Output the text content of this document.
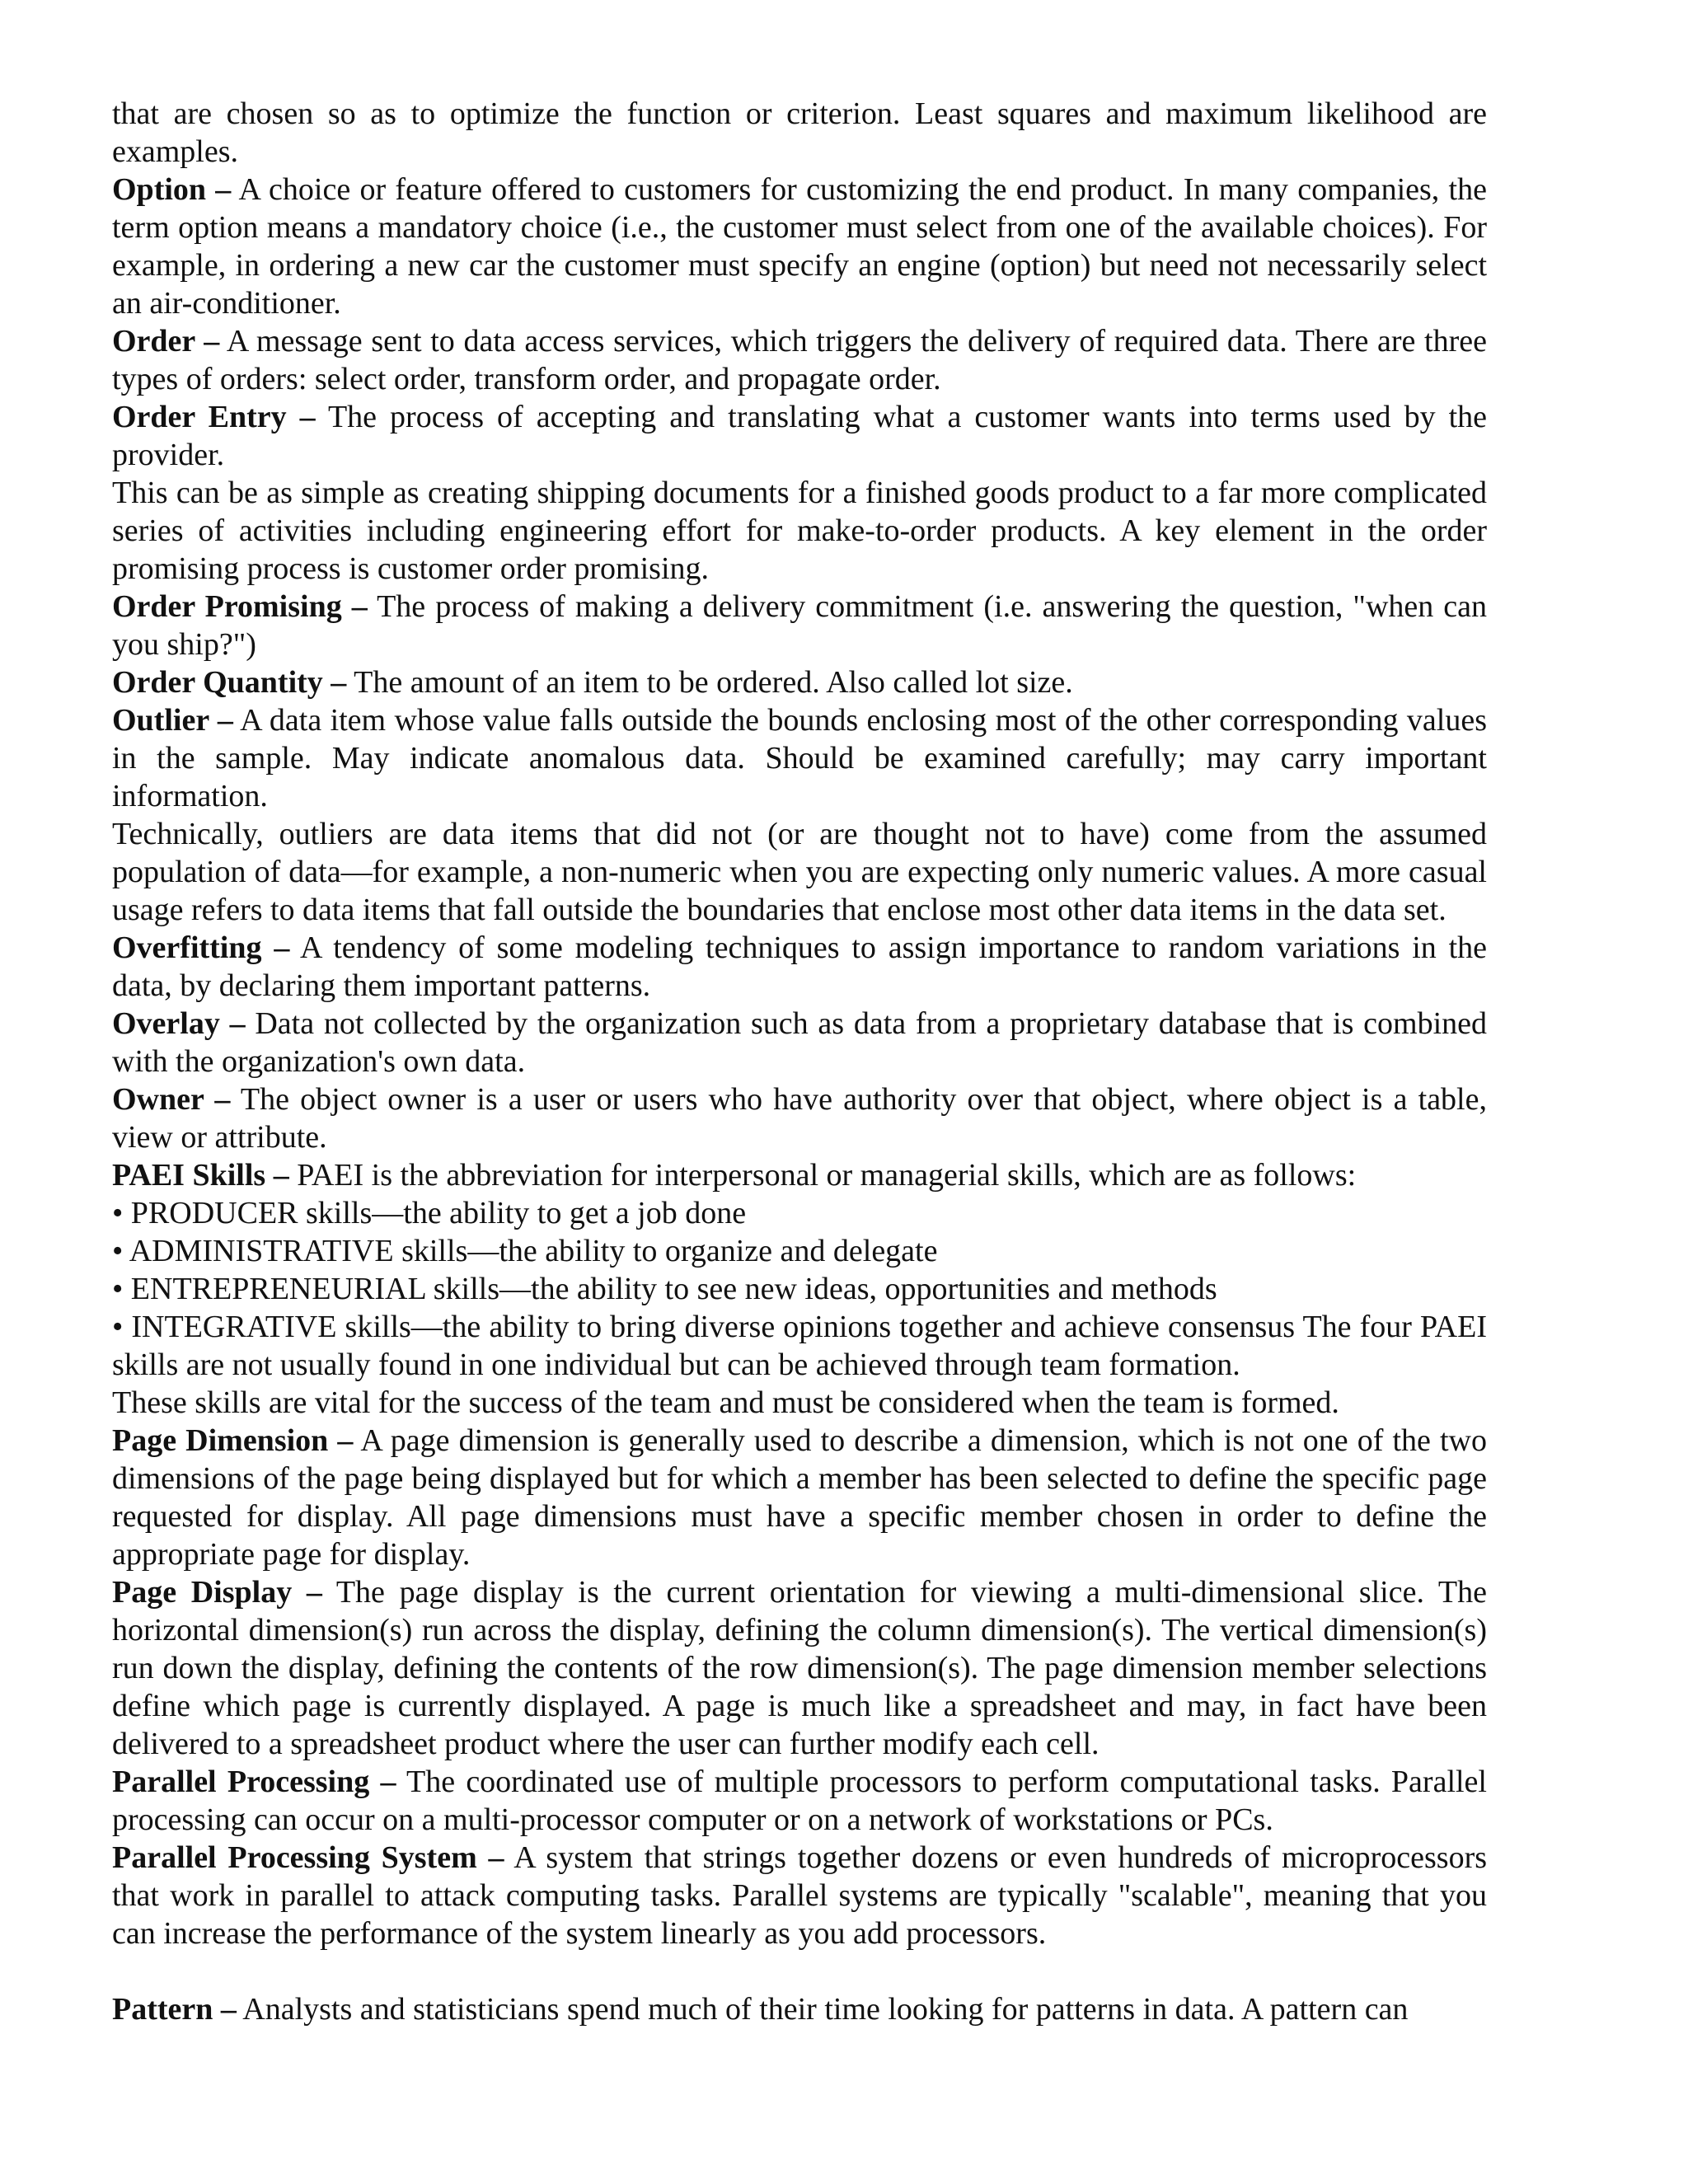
that are chosen so as to optimize the function or criterion. Least squares and maximum likelihood are examples.

Option – A choice or feature offered to customers for customizing the end product. In many companies, the term option means a mandatory choice (i.e., the customer must select from one of the available choices). For example, in ordering a new car the customer must specify an engine (option) but need not necessarily select an air-conditioner.

Order – A message sent to data access services, which triggers the delivery of required data. There are three types of orders: select order, transform order, and propagate order.

Order Entry – The process of accepting and translating what a customer wants into terms used by the provider.

This can be as simple as creating shipping documents for a finished goods product to a far more complicated series of activities including engineering effort for make-to-order products. A key element in the order promising process is customer order promising.

Order Promising – The process of making a delivery commitment (i.e. answering the question, "when can you ship?")

Order Quantity – The amount of an item to be ordered. Also called lot size.

Outlier – A data item whose value falls outside the bounds enclosing most of the other corresponding values in the sample. May indicate anomalous data. Should be examined carefully; may carry important information.

Technically, outliers are data items that did not (or are thought not to have) come from the assumed population of data—for example, a non-numeric when you are expecting only numeric values. A more casual usage refers to data items that fall outside the boundaries that enclose most other data items in the data set.

Overfitting – A tendency of some modeling techniques to assign importance to random variations in the data, by declaring them important patterns.

Overlay – Data not collected by the organization such as data from a proprietary database that is combined with the organization's own data.

Owner – The object owner is a user or users who have authority over that object, where object is a table, view or attribute.

PAEI Skills – PAEI is the abbreviation for interpersonal or managerial skills, which are as follows:

• PRODUCER skills—the ability to get a job done

• ADMINISTRATIVE skills—the ability to organize and delegate

• ENTREPRENEURIAL skills—the ability to see new ideas, opportunities and methods

• INTEGRATIVE skills—the ability to bring diverse opinions together and achieve consensus The four PAEI skills are not usually found in one individual but can be achieved through team formation.

These skills are vital for the success of the team and must be considered when the team is formed.

Page Dimension – A page dimension is generally used to describe a dimension, which is not one of the two dimensions of the page being displayed but for which a member has been selected to define the specific page requested for display. All page dimensions must have a specific member chosen in order to define the appropriate page for display.

Page Display – The page display is the current orientation for viewing a multi-dimensional slice. The horizontal dimension(s) run across the display, defining the column dimension(s). The vertical dimension(s) run down the display, defining the contents of the row dimension(s). The page dimension member selections define which page is currently displayed. A page is much like a spreadsheet and may, in fact have been delivered to a spreadsheet product where the user can further modify each cell.

Parallel Processing – The coordinated use of multiple processors to perform computational tasks. Parallel processing can occur on a multi-processor computer or on a network of workstations or PCs.

Parallel Processing System – A system that strings together dozens or even hundreds of microprocessors that work in parallel to attack computing tasks. Parallel systems are typically "scalable", meaning that you can increase the performance of the system linearly as you add processors.

Pattern – Analysts and statisticians spend much of their time looking for patterns in data. A pattern can
